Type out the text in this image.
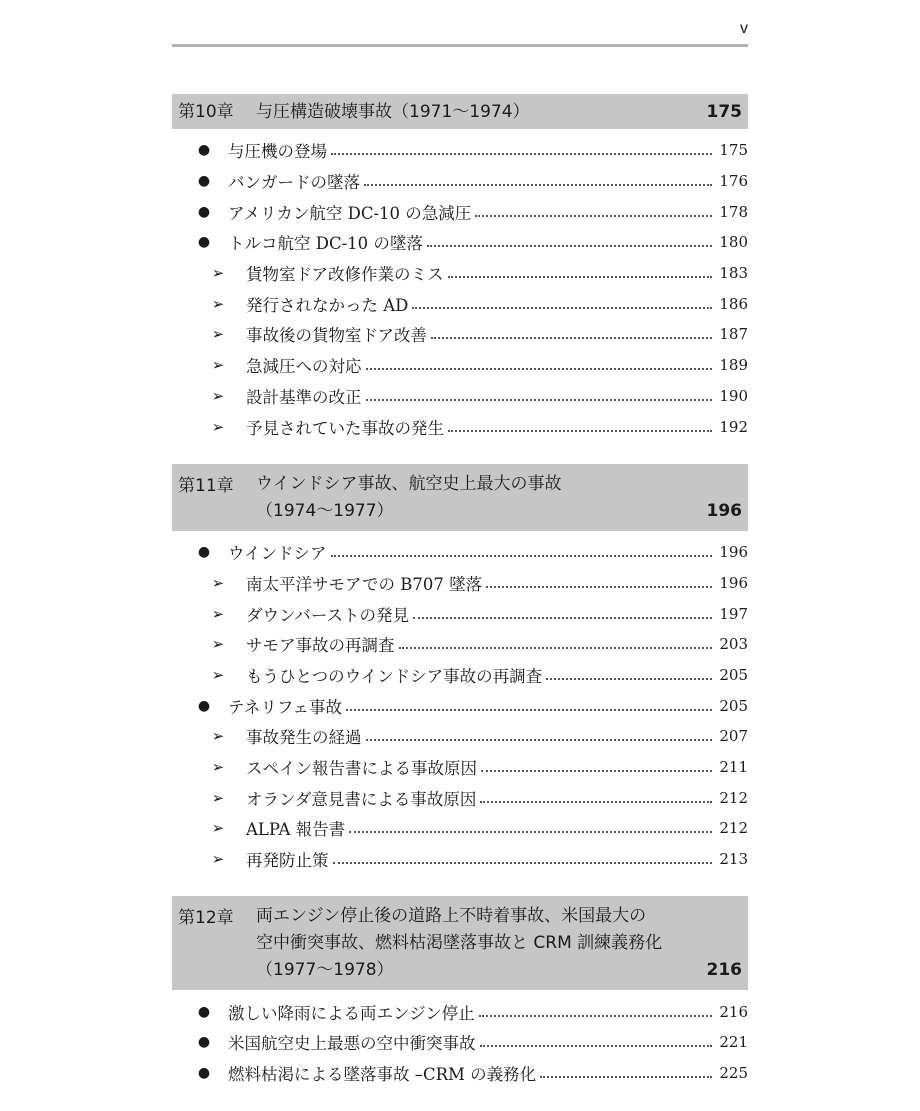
v
第10章	与圧構造破壊事故（1971〜1974）	175
● 与圧機の登場	175
● バンガードの墜落	176
● アメリカン航空 DC-10 の急減圧	178
● トルコ航空 DC-10 の墜落	180
➢ 貨物室ドア改修作業のミス	183
➢ 発行されなかった AD	186
➢ 事故後の貨物室ドア改善	187
➢ 急減圧への対応	189
➢ 設計基準の改正	190
➢ 予見されていた事故の発生	192
第11章	ウインドシア事故、航空史上最大の事故
（1974〜1977）	196
● ウインドシア	196
➢ 南太平洋サモアでの B707 墜落	196
➢ ダウンバーストの発見	197
➢ サモア事故の再調査	203
➢ もうひとつのウインドシア事故の再調査	205
● テネリフェ事故	205
➢ 事故発生の経過	207
➢ スペイン報告書による事故原因	211
➢ オランダ意見書による事故原因	212
➢ ALPA 報告書	212
➢ 再発防止策	213
第12章	両エンジン停止後の道路上不時着事故、米国最大の
空中衝突事故、燃料枯渇墜落事故と CRM 訓練義務化
（1977〜1978）	216
● 激しい降雨による両エンジン停止	216
● 米国航空史上最悪の空中衝突事故	221
● 燃料枯渇による墜落事故 –CRM の義務化	225
